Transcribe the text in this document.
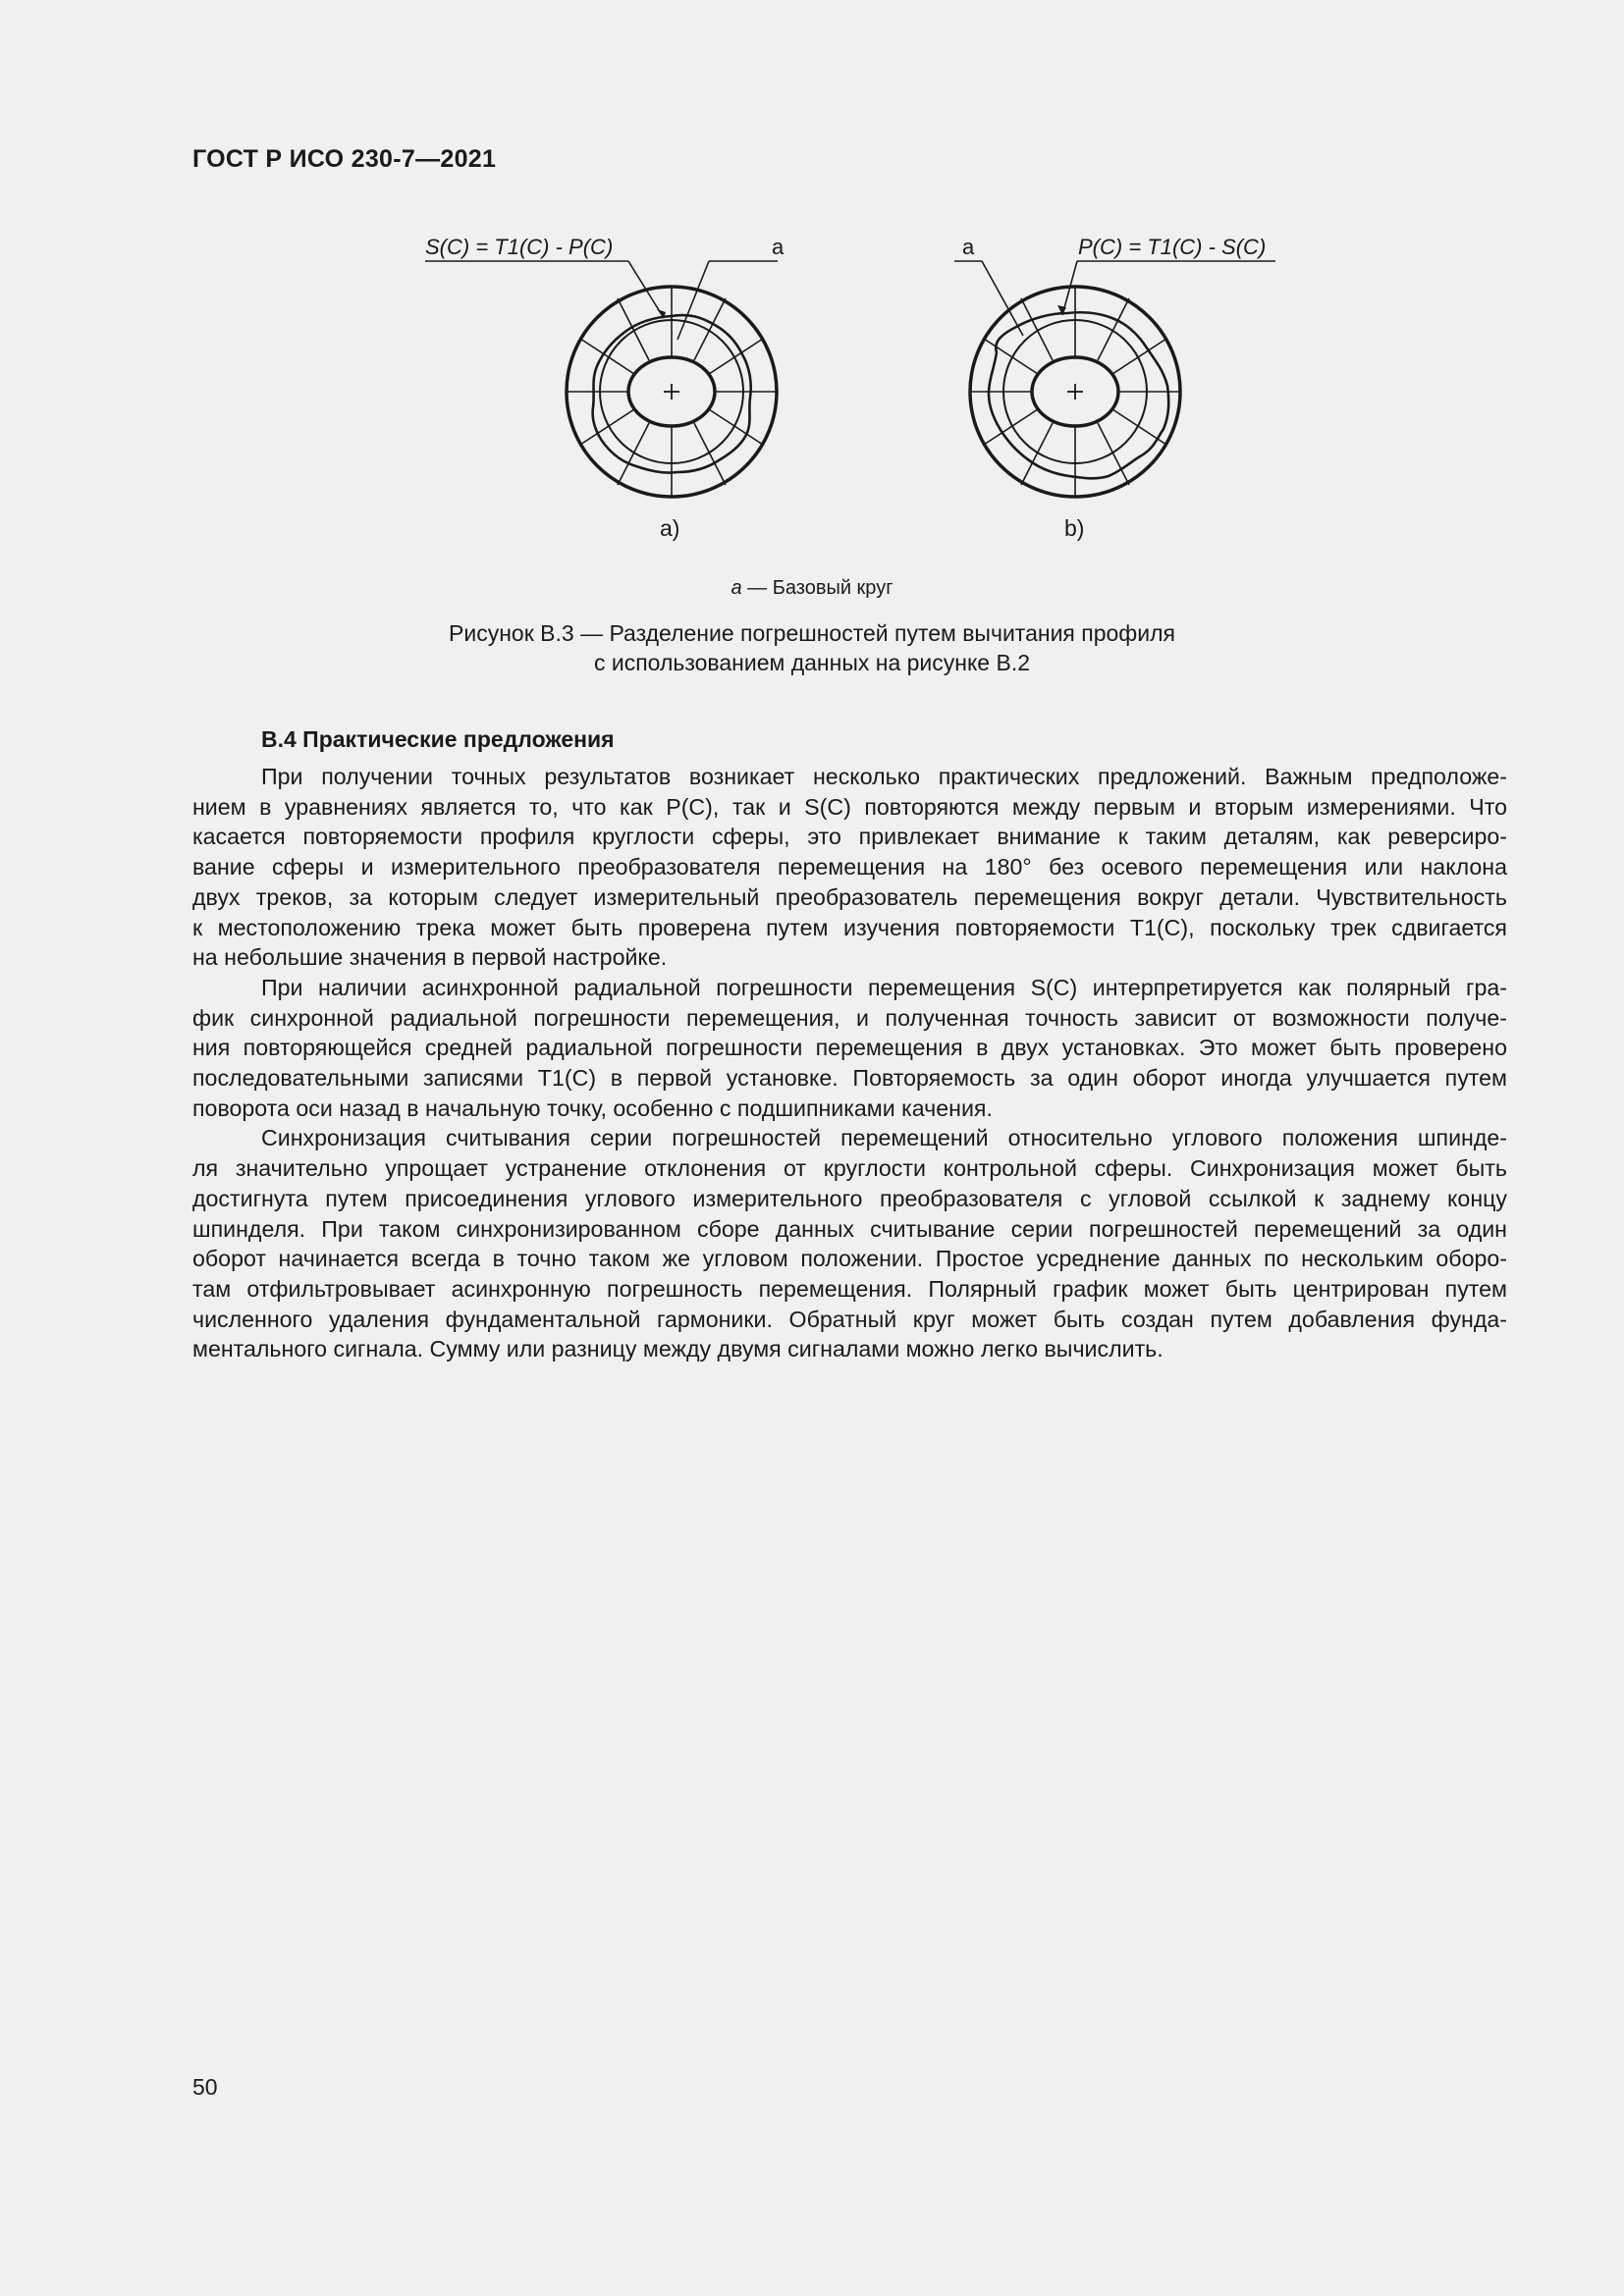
ГОСТ Р ИСО 230-7—2021
S(C) = T1(C) - P(C)	a
a)
a	P(C) = T1(C) - S(C)
b)
a — Базовый круг
Рисунок В.3 — Разделение погрешностей путем вычитания профиля
с использованием данных на рисунке В.2
В.4 Практические предложения

При получении точных результатов возникает несколько практических предложений. Важным предположе-
нием в уравнениях является то, что как P(C), так и S(C) повторяются между первым и вторым измерениями. Что
касается повторяемости профиля круглости сферы, это привлекает внимание к таким деталям, как реверсиро-
вание сферы и измерительного преобразователя перемещения на 180° без осевого перемещения или наклона
двух треков, за которым следует измерительный преобразователь перемещения вокруг детали. Чувствительность
к местоположению трека может быть проверена путем изучения повторяемости T1(C), поскольку трек сдвигается
на небольшие значения в первой настройке.

При наличии асинхронной радиальной погрешности перемещения S(C) интерпретируется как полярный гра-
фик синхронной радиальной погрешности перемещения, и полученная точность зависит от возможности получе-
ния повторяющейся средней радиальной погрешности перемещения в двух установках. Это может быть проверено
последовательными записями T1(C) в первой установке. Повторяемость за один оборот иногда улучшается путем
поворота оси назад в начальную точку, особенно с подшипниками качения.

Синхронизация считывания серии погрешностей перемещений относительно углового положения шпинде-
ля значительно упрощает устранение отклонения от круглости контрольной сферы. Синхронизация может быть
достигнута путем присоединения углового измерительного преобразователя с угловой ссылкой к заднему концу
шпинделя. При таком синхронизированном сборе данных считывание серии погрешностей перемещений за один
оборот начинается всегда в точно таком же угловом положении. Простое усреднение данных по нескольким оборо-
там отфильтровывает асинхронную погрешность перемещения. Полярный график может быть центрирован путем
численного удаления фундаментальной гармоники. Обратный круг может быть создан путем добавления фунда-
ментального сигнала. Сумму или разницу между двумя сигналами можно легко вычислить.

50
